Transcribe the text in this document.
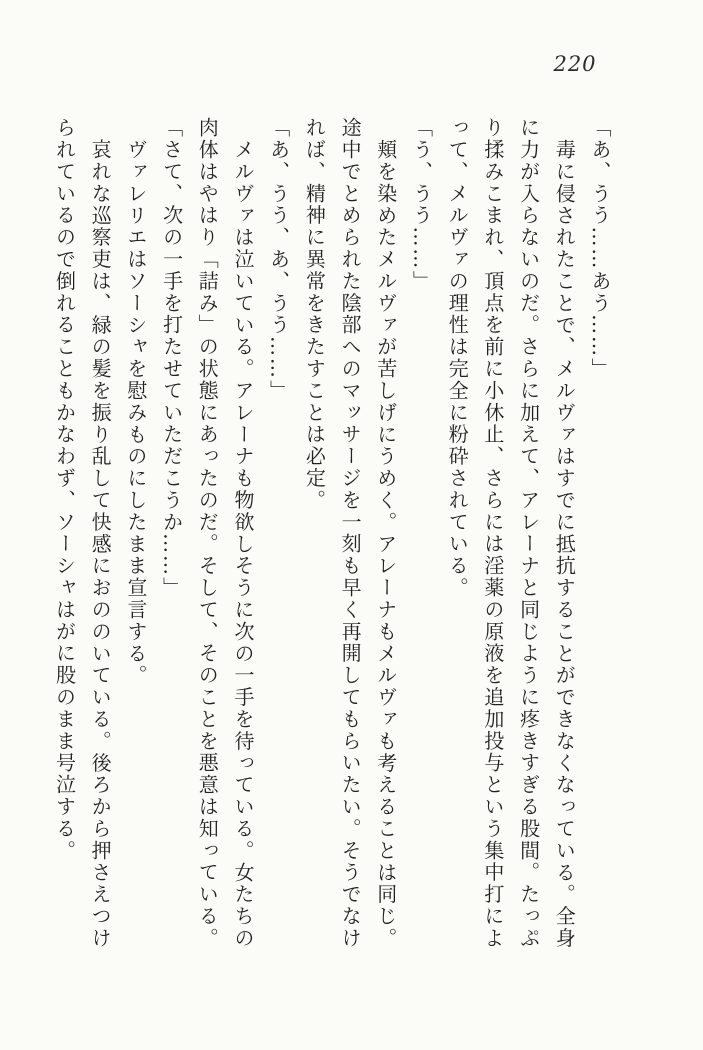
220

「あ、うう……あう……」

毒に侵されたことで、メルヴァはすでに抵抗することができなくなっている。全身に力が入らないのだ。さらに加えて、アレーナと同じように疼きすぎる股間。たっぷり揉みこまれ、頂点を前に小休止、さらには淫薬の原液を追加投与という集中打によって、メルヴァの理性は完全に粉砕されている。

「う、うう……」

頬を染めたメルヴァが苦しげにうめく。アレーナもメルヴァも考えることは同じ。途中でとめられた陰部へのマッサージを一刻も早く再開してもらいたい。そうでなければ、精神に異常をきたすことは必定。

「あ、うう、あ、うう……」

メルヴァは泣いている。アレーナも物欲しそうに次の一手を待っている。女たちの肉体はやはり「詰み」の状態にあったのだ。そして、そのことを悪意は知っている。

「さて、次の一手を打たせていただこうか……」

ヴァレリエはソーシャを慰みものにしたまま宣言する。

哀れな巡察吏は、緑の髪を振り乱して快感におののいている。後ろから押さえつけられているので倒れることもかなわず、ソーシャはがに股のまま号泣する。
